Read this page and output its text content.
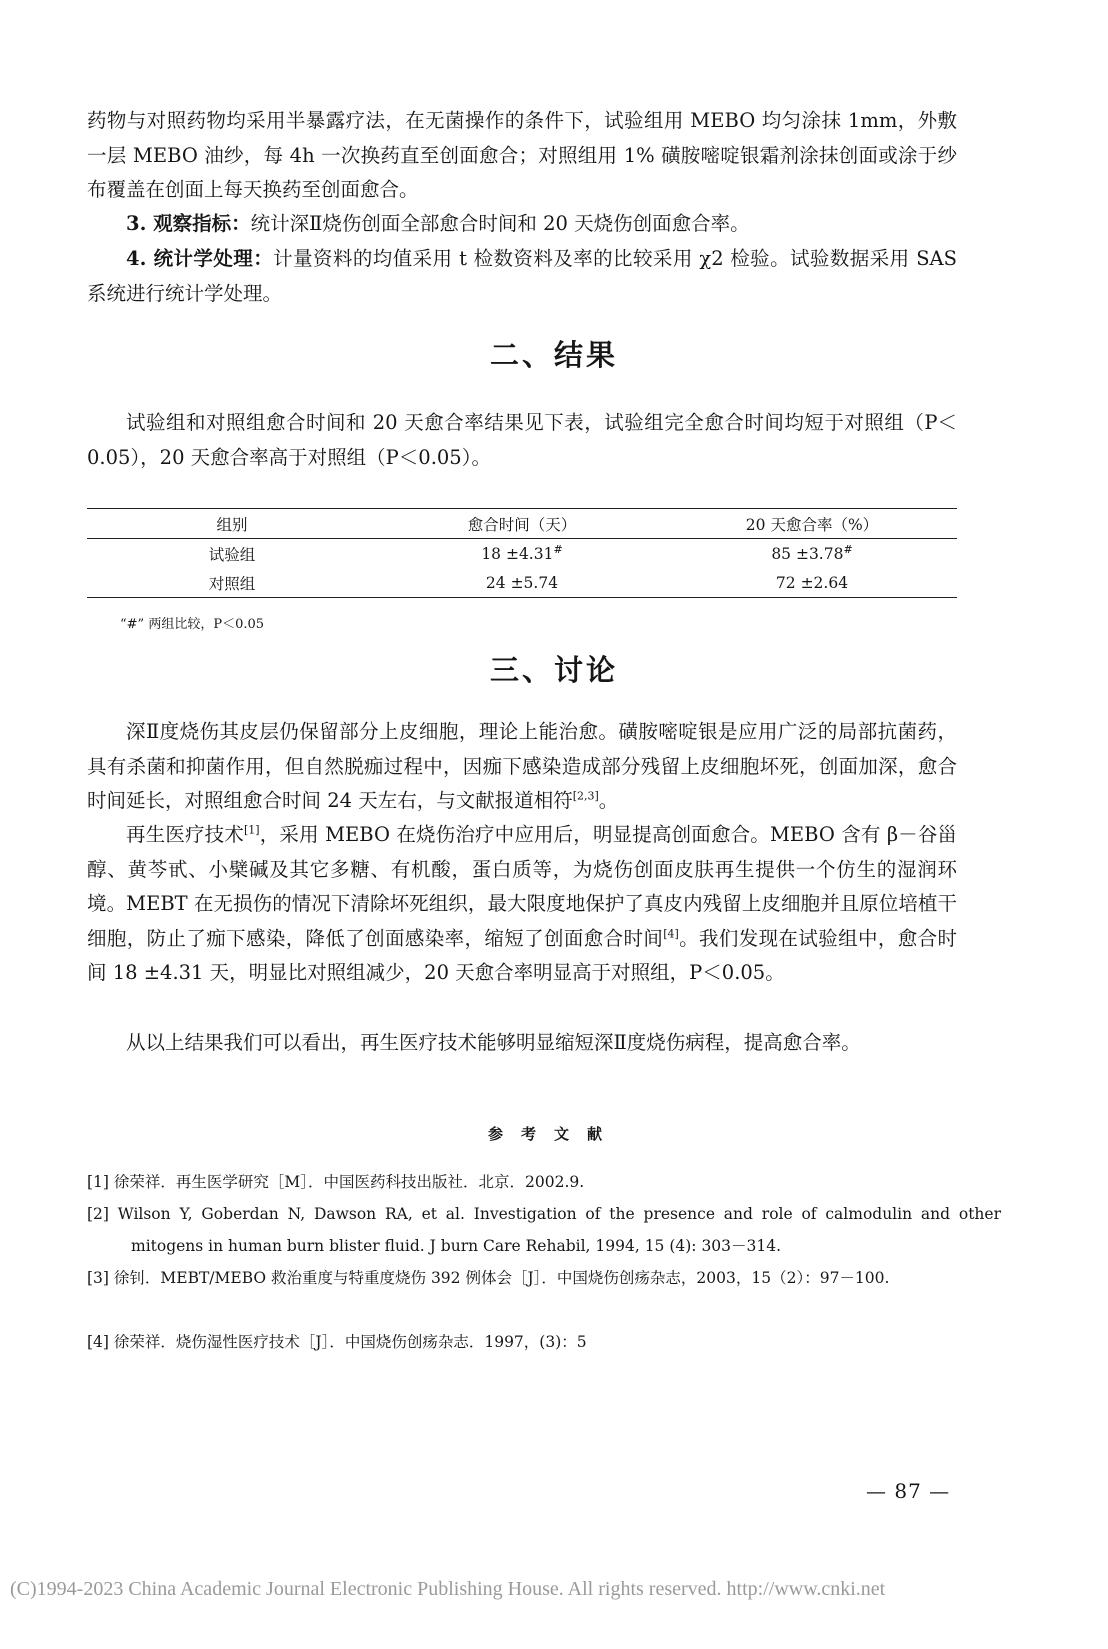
药物与对照药物均采用半暴露疗法，在无菌操作的条件下，试验组用 MEBO 均匀涂抹 1mm，外敷一层 MEBO 油纱，每 4h 一次换药直至创面愈合；对照组用 1% 磺胺嘧啶银霜剂涂抹创面或涂于纱布覆盖在创面上每天换药至创面愈合。

3. 观察指标：统计深Ⅱ烧伤创面全部愈合时间和 20 天烧伤创面愈合率。

4. 统计学处理：计量资料的均值采用 t 检数资料及率的比较采用 χ2 检验。试验数据采用 SAS 系统进行统计学处理。

二、结果

试验组和对照组愈合时间和 20 天愈合率结果见下表，试验组完全愈合时间均短于对照组（P＜0.05），20 天愈合率高于对照组（P＜0.05）。

组别	愈合时间（天）	20 天愈合率（%）
试验组	18 ±4.31#	85 ±3.78#
对照组	24 ±5.74	72 ±2.64
“#” 两组比较，P＜0.05
三、讨论

深Ⅱ度烧伤其皮层仍保留部分上皮细胞，理论上能治愈。磺胺嘧啶银是应用广泛的局部抗菌药，具有杀菌和抑菌作用，但自然脱痂过程中，因痂下感染造成部分残留上皮细胞坏死，创面加深，愈合时间延长，对照组愈合时间 24 天左右，与文献报道相符[2,3]。

再生医疗技术[1]，采用 MEBO 在烧伤治疗中应用后，明显提高创面愈合。MEBO 含有 β－谷甾醇、黄芩甙、小檗碱及其它多糖、有机酸，蛋白质等，为烧伤创面皮肤再生提供一个仿生的湿润环境。MEBT 在无损伤的情况下清除坏死组织，最大限度地保护了真皮内残留上皮细胞并且原位培植干细胞，防止了痂下感染，降低了创面感染率，缩短了创面愈合时间[4]。我们发现在试验组中，愈合时间 18 ±4.31 天，明显比对照组减少，20 天愈合率明显高于对照组，P＜0.05。

从以上结果我们可以看出，再生医疗技术能够明显缩短深Ⅱ度烧伤病程，提高愈合率。

参考文献

[1] 徐荣祥．再生医学研究［M］．中国医药科技出版社．北京．2002.9.

[2] Wilson Y, Goberdan N, Dawson RA, et al. Investigation of the presence and role of calmodulin and other mitogens in human burn blister fluid. J burn Care Rehabil, 1994, 15 (4): 303－314.

[3] 徐钊．MEBT/MEBO 救治重度与特重度烧伤 392 例体会［J］．中国烧伤创疡杂志，2003，15（2）：97－100.

[4] 徐荣祥．烧伤湿性医疗技术［J］．中国烧伤创疡杂志．1997，(3)：5

— 87 —
(C)1994-2023 China Academic Journal Electronic Publishing House. All rights reserved. http://www.cnki.net
